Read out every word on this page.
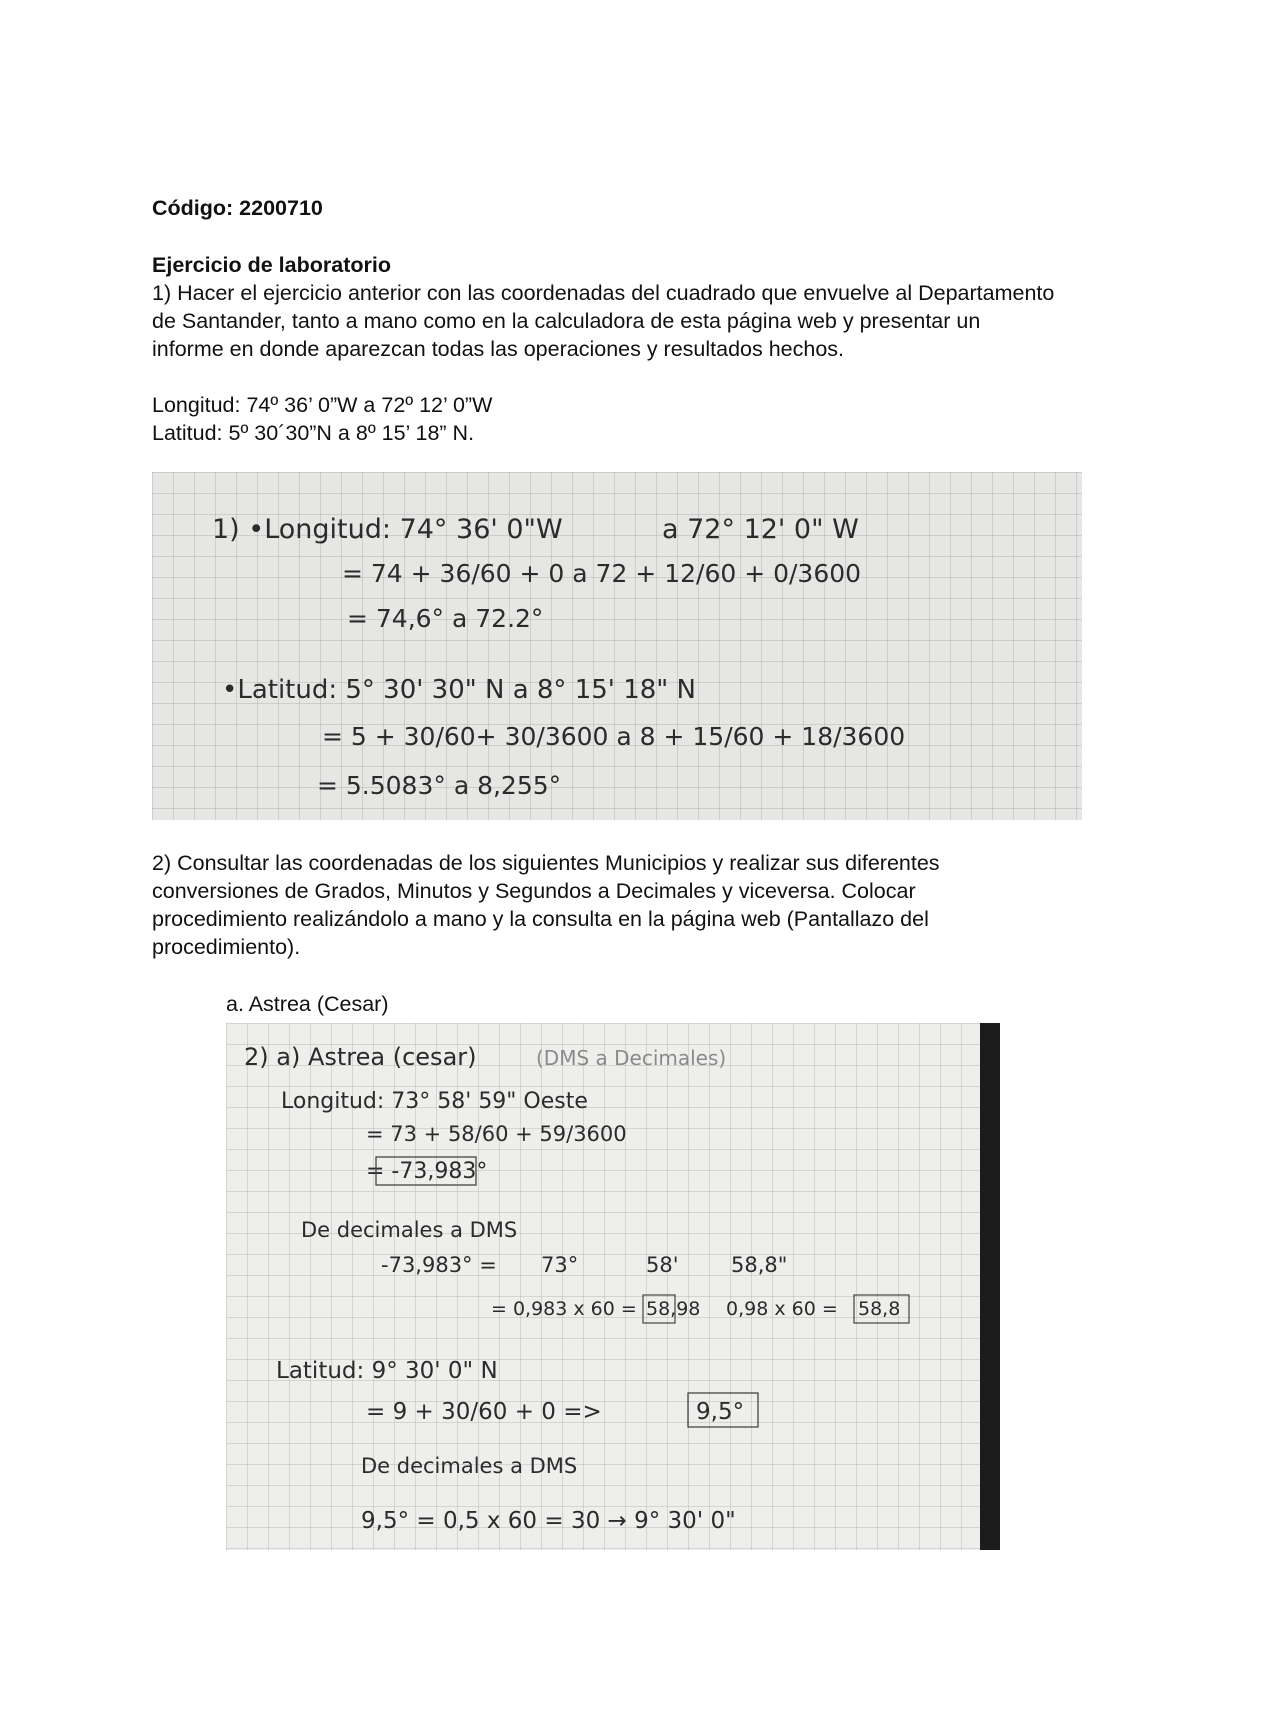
Código: 2200710
Ejercicio de laboratorio
1) Hacer el ejercicio anterior con las coordenadas del cuadrado que envuelve al Departamento
de Santander, tanto a mano como en la calculadora de esta página web y presentar un
informe en donde aparezcan todas las operaciones y resultados hechos.
Longitud: 74º 36’ 0”W a 72º 12’ 0”W
Latitud: 5º 30´30”N a 8º 15’ 18” N.
1) •Longitud: 74° 36' 0"W	a 72° 12' 0" W
= 74 + 36/60 + 0 a 72 + 12/60 + 0/3600
= 74,6° a 72.2°
•Latitud: 5° 30' 30" N a 8° 15' 18" N
= 5 + 30/60+ 30/3600 a 8 + 15/60 + 18/3600
= 5.5083° a 8,255°
2) Consultar las coordenadas de los siguientes Municipios y realizar sus diferentes
conversiones de Grados, Minutos y Segundos a Decimales y viceversa. Colocar
procedimiento realizándolo a mano y la consulta en la página web (Pantallazo del
procedimiento).
a. Astrea (Cesar)
2) a) Astrea (cesar)	(DMS a Decimales)
Longitud: 73° 58' 59" Oeste
= 73 + 58/60 + 59/3600
= -73,983°
De decimales a DMS
-73,983° = 73°	58'	58,8"
= 0,983 x 60 = 58,98 0,98 x 60 = 58,8
Latitud: 9° 30' 0" N
= 9 + 30/60 + 0 =>	9,5°
De decimales a DMS
9,5° = 0,5 x 60 = 30 → 9° 30' 0"
